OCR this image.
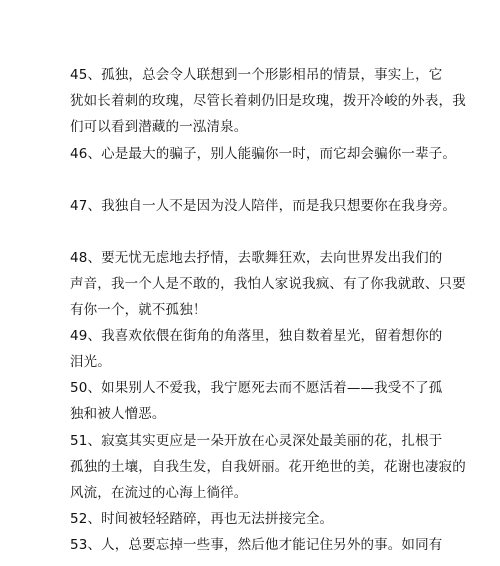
45、孤独，总会令人联想到一个形影相吊的情景，事实上，它
犹如长着刺的玫瑰，尽管长着刺仍旧是玫瑰，拨开冷峻的外表，我
们可以看到潜藏的一泓清泉。
46、心是最大的骗子，别人能骗你一时，而它却会骗你一辈子。
47、我独自一人不是因为没人陪伴，而是我只想要你在我身旁。
48、要无忧无虑地去抒情，去歌舞狂欢，去向世界发出我们的
声音，我一个人是不敢的，我怕人家说我疯、有了你我就敢、只要
有你一个，就不孤独！
49、我喜欢依偎在街角的角落里，独自数着星光，留着想你的
泪光。
50、如果别人不爱我，我宁愿死去而不愿活着——我受不了孤
独和被人憎恶。
51、寂寞其实更应是一朵开放在心灵深处最美丽的花，扎根于
孤独的土壤，自我生发，自我妍丽。花开绝世的美，花谢也凄寂的
风流，在流过的心海上徜徉。
52、时间被轻轻踏碎，再也无法拼接完全。
53、人，总要忘掉一些事，然后他才能记住另外的事。如同有
